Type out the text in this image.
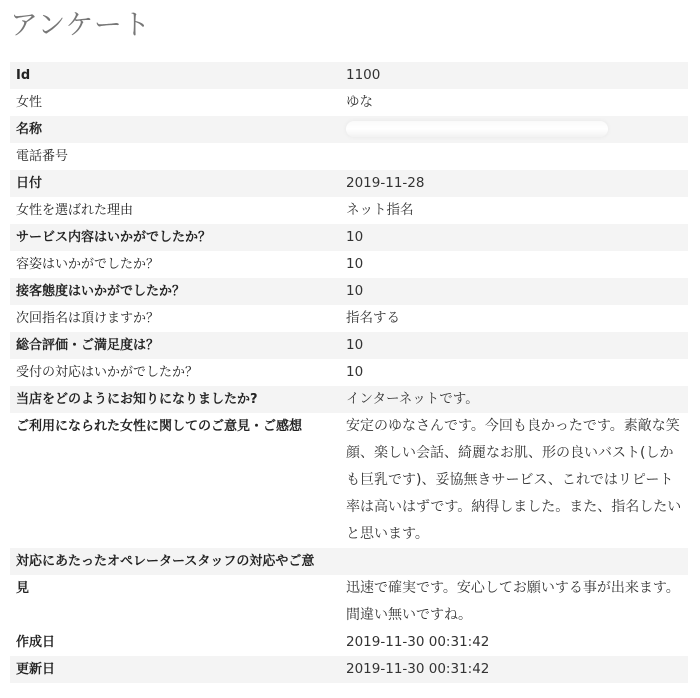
アンケート
Id	1100
女性	ゆな
名称	
電話番号	
日付	2019-11-28
女性を選ばれた理由	ネット指名
サービス内容はいかがでしたか？	10
容姿はいかがでしたか？	10
接客態度はいかがでしたか？	10
次回指名は頂けますか？	指名する
総合評価・ご満足度は？	10
受付の対応はいかがでしたか？	10
当店をどのようにお知りになりましたか?	インターネットです。
ご利用になられた女性に関してのご意見・ご感想	安定のゆなさんです。今回も良かったです。素敵な笑顔、楽しい会話、綺麗なお肌、形の良いバスト(しかも巨乳です)、妥協無きサービス、これではリピート率は高いはずです。納得しました。また、指名したいと思います。
対応にあたったオペレータースタッフの対応やご意	
見	迅速で確実です。安心してお願いする事が出来ます。間違い無いですね。
作成日	2019-11-30 00:31:42
更新日	2019-11-30 00:31:42
